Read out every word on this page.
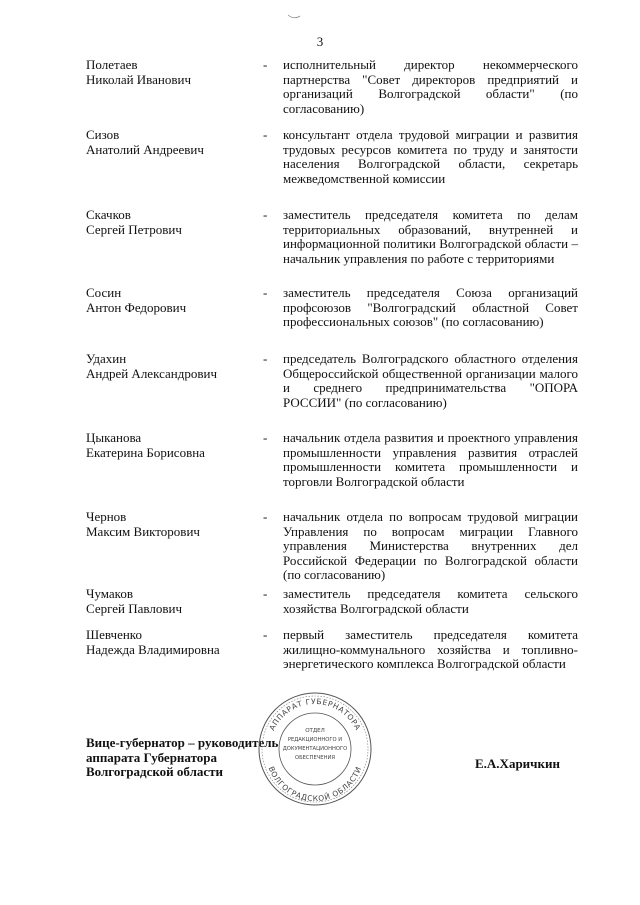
3
Полетаев
Николай Иванович
- исполнительный директор некоммерческого партнерства "Совет директоров предприятий и организаций Волгоградской области" (по согласованию)
Сизов
Анатолий Андреевич
- консультант отдела трудовой миграции и развития трудовых ресурсов комитета по труду и занятости населения Волгоградской области, секретарь межведомственной комиссии
Скачков
Сергей Петрович
- заместитель председателя комитета по делам территориальных образований, внутренней и информационной политики Волгоградской области – начальник управления по работе с территориями
Сосин
Антон Федорович
- заместитель председателя Союза организаций профсоюзов "Волгоградский областной Совет профессиональных союзов" (по согласованию)
Удахин
Андрей Александрович
- председатель Волгоградского областного отделения Общероссийской общественной организации малого и среднего предпринимательства "ОПОРА РОССИИ" (по согласованию)
Цыканова
Екатерина Борисовна
- начальник отдела развития и проектного управления промышленности управления развития отраслей промышленности комитета промышленности и торговли Волгоградской области
Чернов
Максим Викторович
- начальник отдела по вопросам трудовой миграции Управления по вопросам миграции Главного управления Министерства внутренних дел Российской Федерации по Волгоградской области (по согласованию)
Чумаков
Сергей Павлович
- заместитель председателя комитета сельского хозяйства Волгоградской области
Шевченко
Надежда Владимировна
- первый заместитель председателя комитета жилищно-коммунального хозяйства и топливно-энергетического комплекса Волгоградской области
Вице-губернатор – руководитель
аппарата Губернатора
Волгоградской области
АППАРАТ ГУБЕРНАТОРА
ВОЛГОГРАДСКОЙ ОБЛАСТИ
ОТДЕЛ
РЕДАКЦИОННОГО И
ДОКУМЕНТАЦИОННОГО
ОБЕСПЕЧЕНИЯ	Е.А.Харичкин
